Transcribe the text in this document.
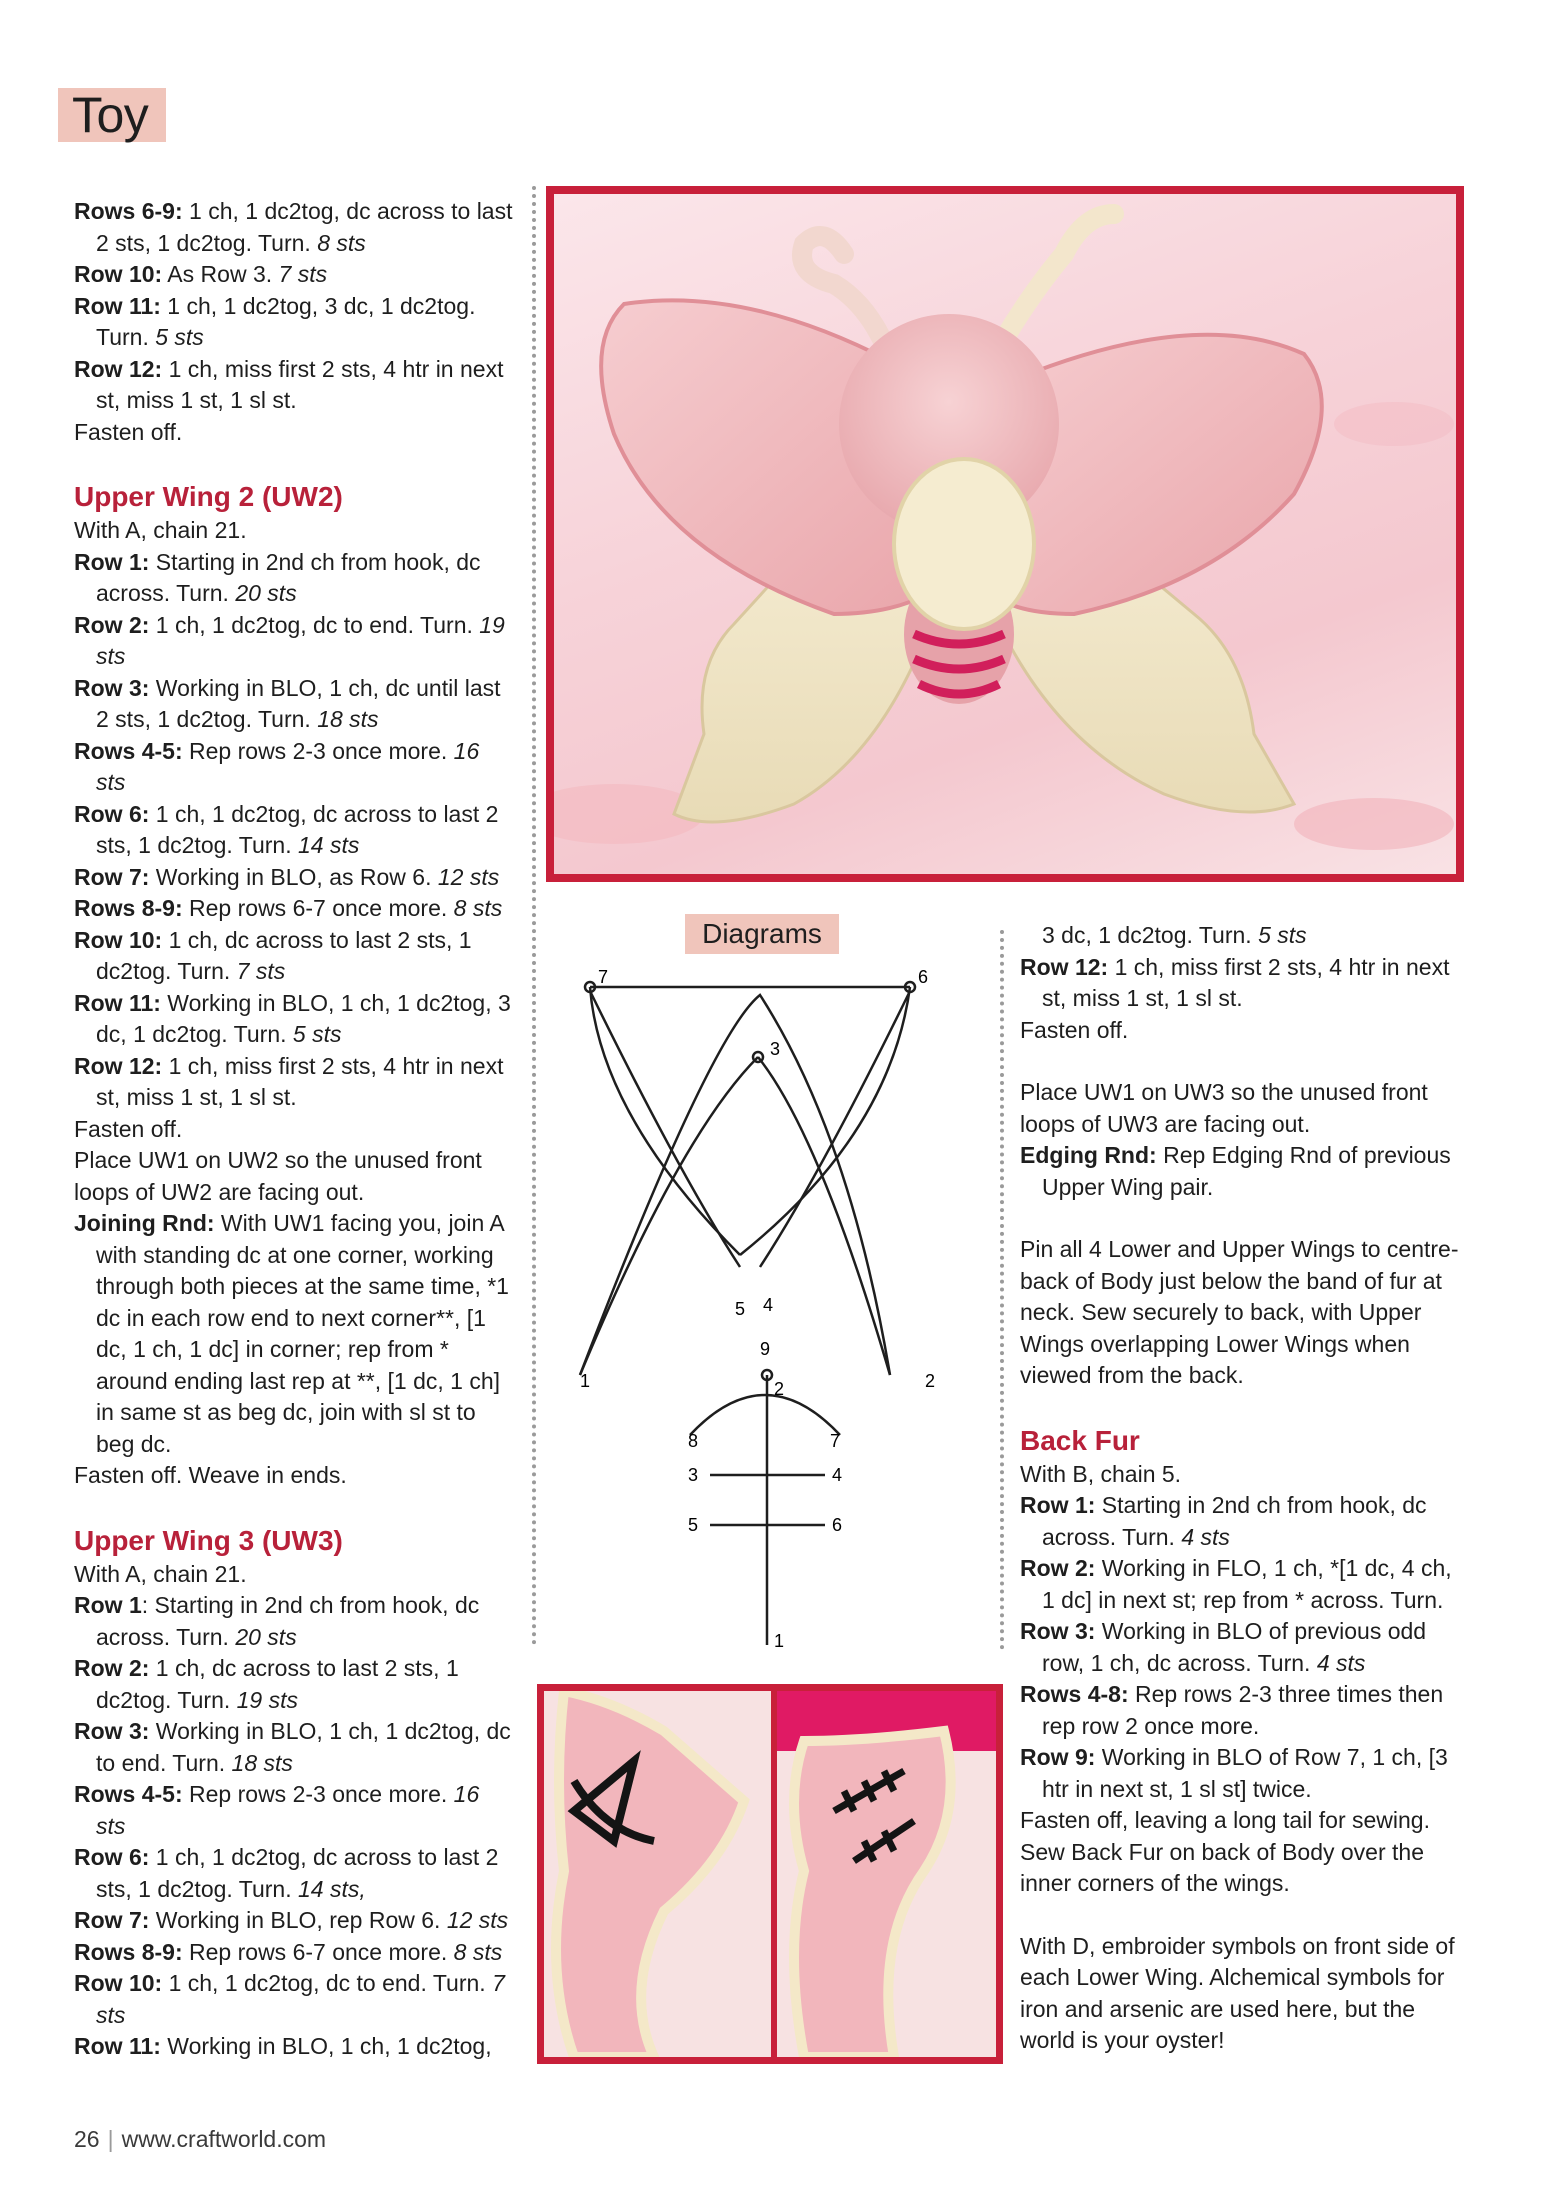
Toy

Rows 6-9: 1 ch, 1 dc2tog, dc across to last 2 sts, 1 dc2tog. Turn. 8 sts

Row 10: As Row 3. 7 sts

Row 11: 1 ch, 1 dc2tog, 3 dc, 1 dc2tog. Turn. 5 sts

Row 12: 1 ch, miss first 2 sts, 4 htr in next st, miss 1 st, 1 sl st.

Fasten off.

Upper Wing 2 (UW2)

With A, chain 21.

Row 1: Starting in 2nd ch from hook, dc across. Turn. 20 sts

Row 2: 1 ch, 1 dc2tog, dc to end. Turn. 19 sts

Row 3: Working in BLO, 1 ch, dc until last 2 sts, 1 dc2tog. Turn. 18 sts

Rows 4-5: Rep rows 2-3 once more. 16 sts

Row 6: 1 ch, 1 dc2tog, dc across to last 2 sts, 1 dc2tog. Turn. 14 sts

Row 7: Working in BLO, as Row 6. 12 sts

Rows 8-9: Rep rows 6-7 once more. 8 sts

Row 10: 1 ch, dc across to last 2 sts, 1 dc2tog. Turn. 7 sts

Row 11: Working in BLO, 1 ch, 1 dc2tog, 3 dc, 1 dc2tog. Turn. 5 sts

Row 12: 1 ch, miss first 2 sts, 4 htr in next st, miss 1 st, 1 sl st.

Fasten off.

Place UW1 on UW2 so the unused front loops of UW2 are facing out.

Joining Rnd: With UW1 facing you, join A with standing dc at one corner, working through both pieces at the same time, *1 dc in each row end to next corner**, [1 dc, 1 ch, 1 dc] in corner; rep from * around ending last rep at **, [1 dc, 1 ch] in same st as beg dc, join with sl st to beg dc.

Fasten off. Weave in ends.

Upper Wing 3 (UW3)

With A, chain 21.

Row 1: Starting in 2nd ch from hook, dc across. Turn. 20 sts

Row 2: 1 ch, dc across to last 2 sts, 1 dc2tog. Turn. 19 sts

Row 3: Working in BLO, 1 ch, 1 dc2tog, dc to end. Turn. 18 sts

Rows 4-5: Rep rows 2-3 once more. 16 sts

Row 6: 1 ch, 1 dc2tog, dc across to last 2 sts, 1 dc2tog. Turn. 14 sts,

Row 7: Working in BLO, rep Row 6. 12 sts

Rows 8-9: Rep rows 6-7 once more. 8 sts

Row 10: 1 ch, 1 dc2tog, dc to end. Turn. 7 sts

Row 11: Working in BLO, 1 ch, 1 dc2tog,

Diagrams
7	6
3
5 4
1	2
9
2
8	7
3	4
5	6
1

3 dc, 1 dc2tog. Turn. 5 sts

Row 12: 1 ch, miss first 2 sts, 4 htr in next st, miss 1 st, 1 sl st.

Fasten off.

Place UW1 on UW3 so the unused front loops of UW3 are facing out.

Edging Rnd: Rep Edging Rnd of previous Upper Wing pair.

Pin all 4 Lower and Upper Wings to centre-back of Body just below the band of fur at neck. Sew securely to back, with Upper Wings overlapping Lower Wings when viewed from the back.

Back Fur

With B, chain 5.

Row 1: Starting in 2nd ch from hook, dc across. Turn. 4 sts

Row 2: Working in FLO, 1 ch, *[1 dc, 4 ch, 1 dc] in next st; rep from * across. Turn.

Row 3: Working in BLO of previous odd row, 1 ch, dc across. Turn. 4 sts

Rows 4-8: Rep rows 2-3 three times then rep row 2 once more.

Row 9: Working in BLO of Row 7, 1 ch, [3 htr in next st, 1 sl st] twice.

Fasten off, leaving a long tail for sewing. Sew Back Fur on back of Body over the inner corners of the wings.

With D, embroider symbols on front side of each Lower Wing. Alchemical symbols for iron and arsenic are used here, but the world is your oyster!

26 | www.craftworld.com
